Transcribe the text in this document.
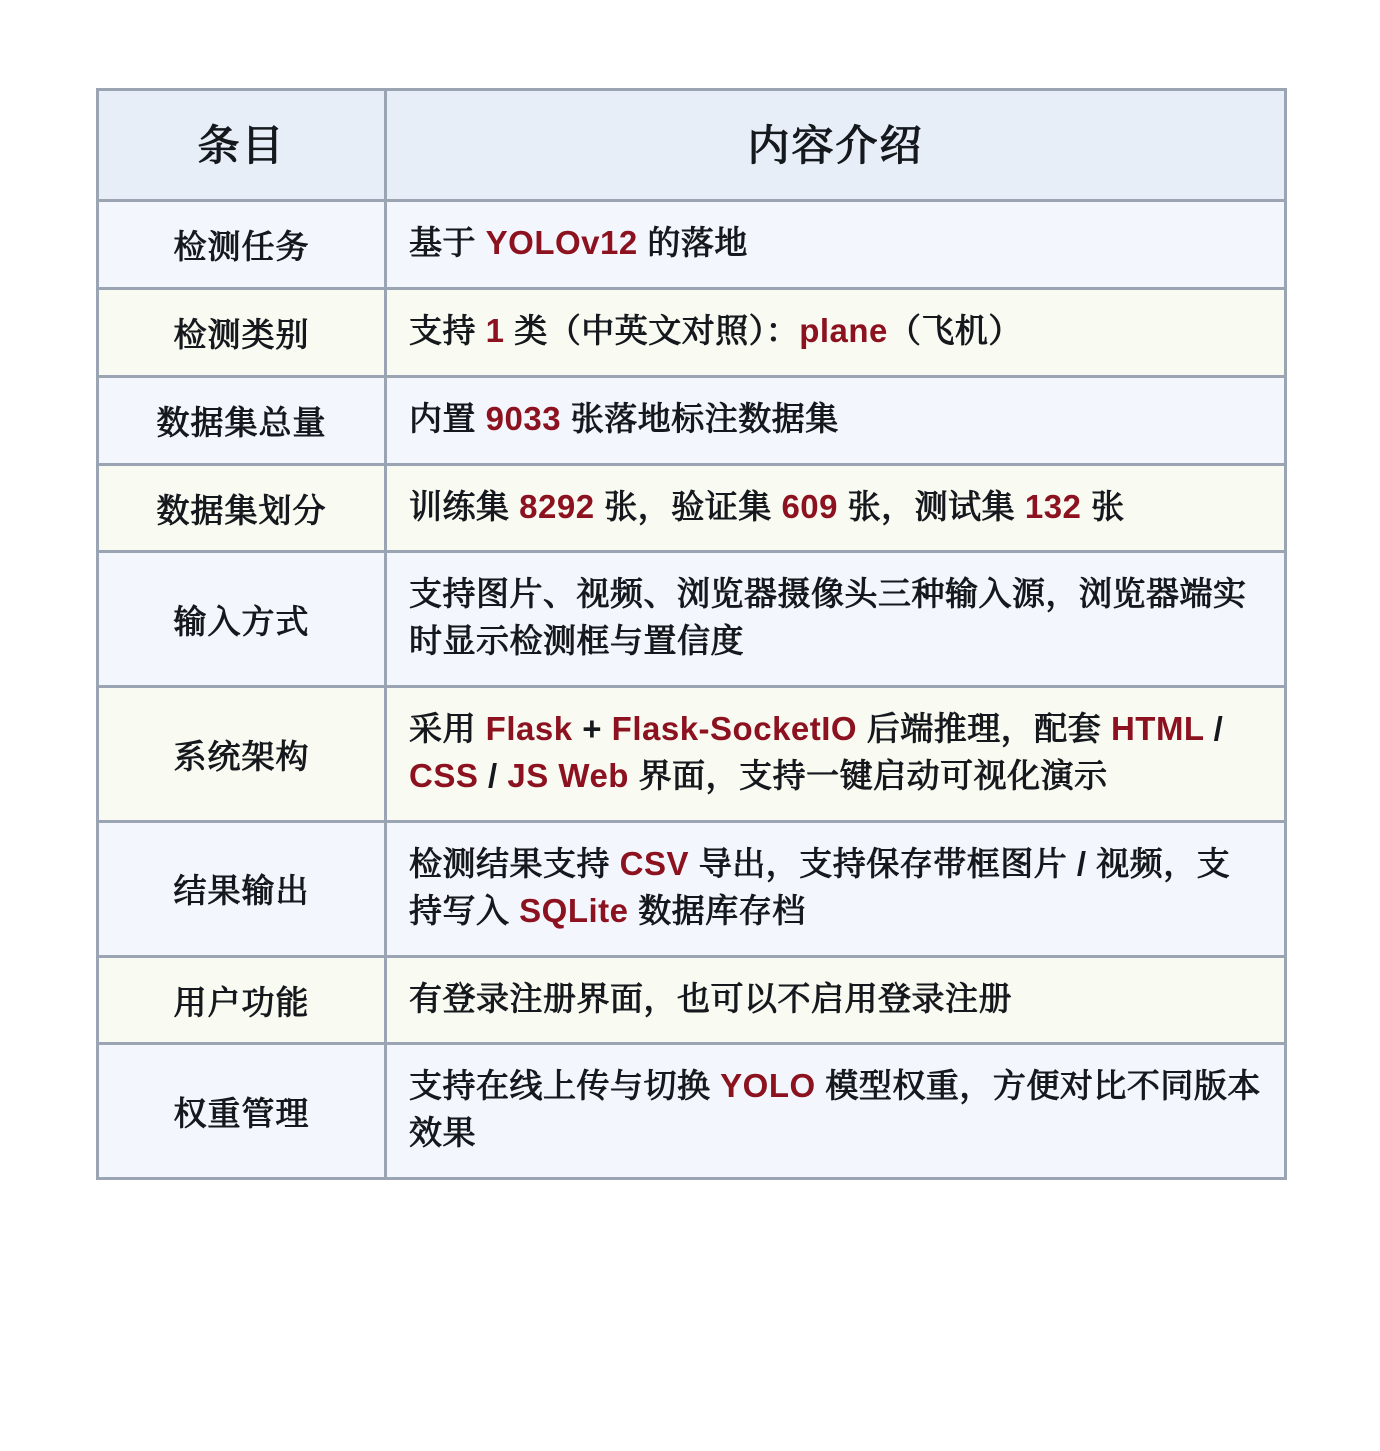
条目	内容介绍
检测任务	基于 YOLOv12 的落地
检测类别	支持 1 类（中英文对照）：plane（飞机）
数据集总量	内置 9033 张落地标注数据集
数据集划分	训练集 8292 张，验证集 609 张，测试集 132 张
输入方式	支持图片、视频、浏览器摄像头三种输入源，浏览器端实时显示检测框与置信度
系统架构	采用 Flask + Flask-SocketIO 后端推理，配套 HTML / CSS / JS Web 界面，支持一键启动可视化演示
结果输出	检测结果支持 CSV 导出，支持保存带框图片 / 视频，支持写入 SQLite 数据库存档
用户功能	有登录注册界面，也可以不启用登录注册
权重管理	支持在线上传与切换 YOLO 模型权重，方便对比不同版本效果
